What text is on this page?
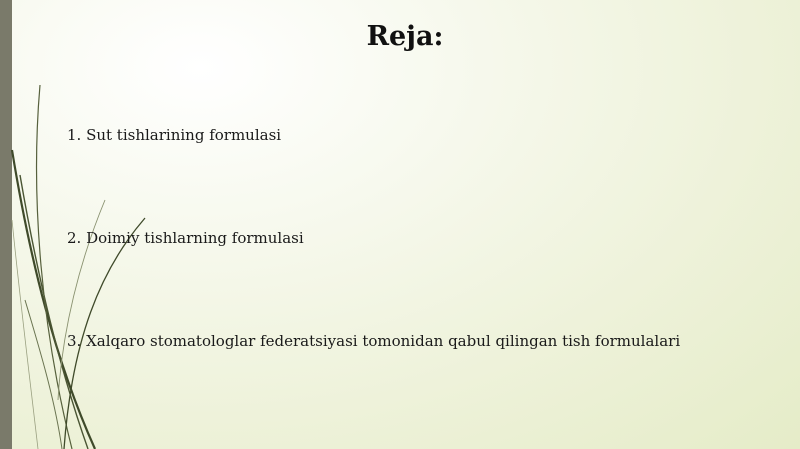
Reja:
1. Sut tishlarining formulasi
2. Doimiy tishlarning formulasi
3. Xalqaro stomatologlar federatsiyasi tomonidan qabul qilingan tish formulalari
